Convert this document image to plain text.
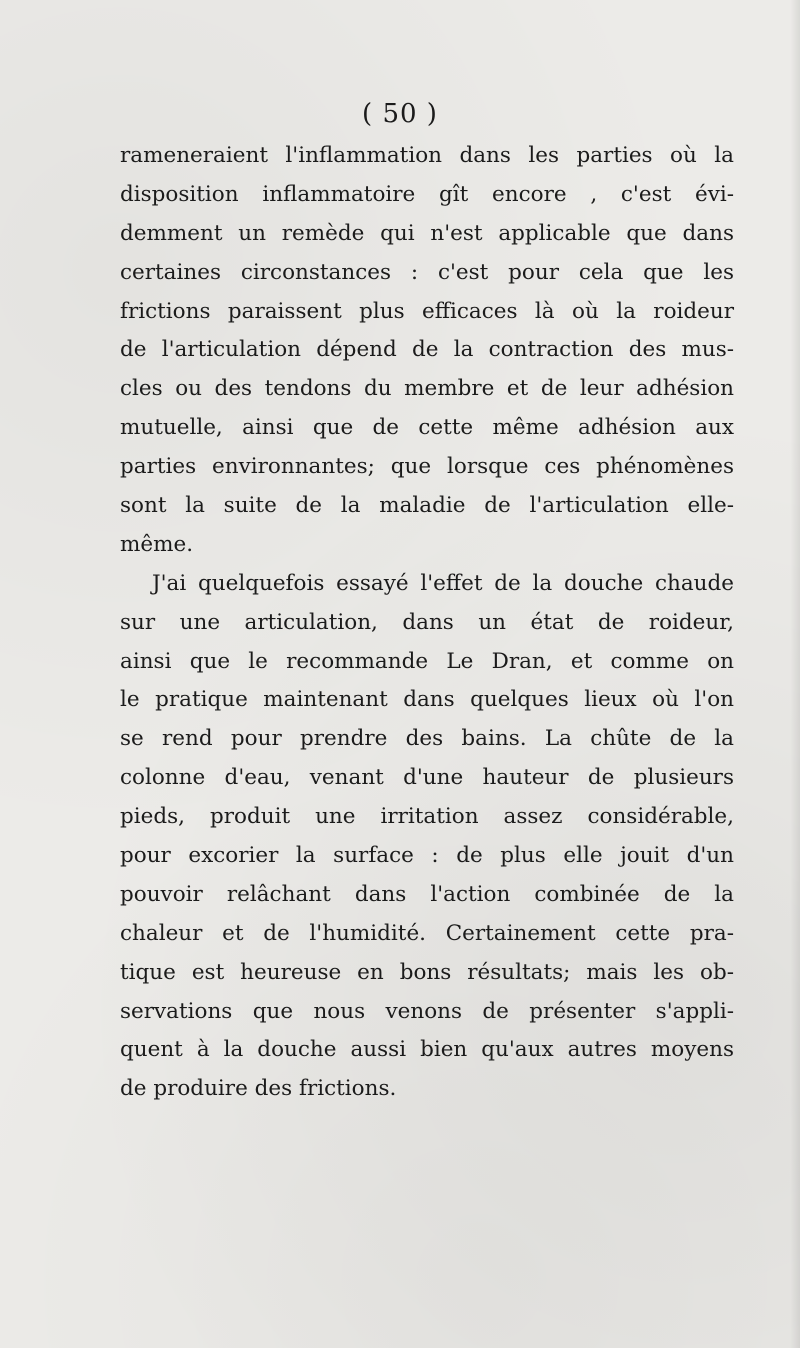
( 50 )
rameneraient l'inflammation dans les parties où la
disposition inflammatoire gît encore , c'est évi-
demment un remède qui n'est applicable que dans
certaines circonstances : c'est pour cela que les
frictions paraissent plus efficaces là où la roideur
de l'articulation dépend de la contraction des mus-
cles ou des tendons du membre et de leur adhésion
mutuelle, ainsi que de cette même adhésion aux
parties environnantes; que lorsque ces phénomènes
sont la suite de la maladie de l'articulation elle-
même.
J'ai quelquefois essayé l'effet de la douche chaude
sur une articulation, dans un état de roideur,
ainsi que le recommande Le Dran, et comme on
le pratique maintenant dans quelques lieux où l'on
se rend pour prendre des bains. La chûte de la
colonne d'eau, venant d'une hauteur de plusieurs
pieds, produit une irritation assez considérable,
pour excorier la surface : de plus elle jouit d'un
pouvoir relâchant dans l'action combinée de la
chaleur et de l'humidité. Certainement cette pra-
tique est heureuse en bons résultats; mais les ob-
servations que nous venons de présenter s'appli-
quent à la douche aussi bien qu'aux autres moyens
de produire des frictions.
